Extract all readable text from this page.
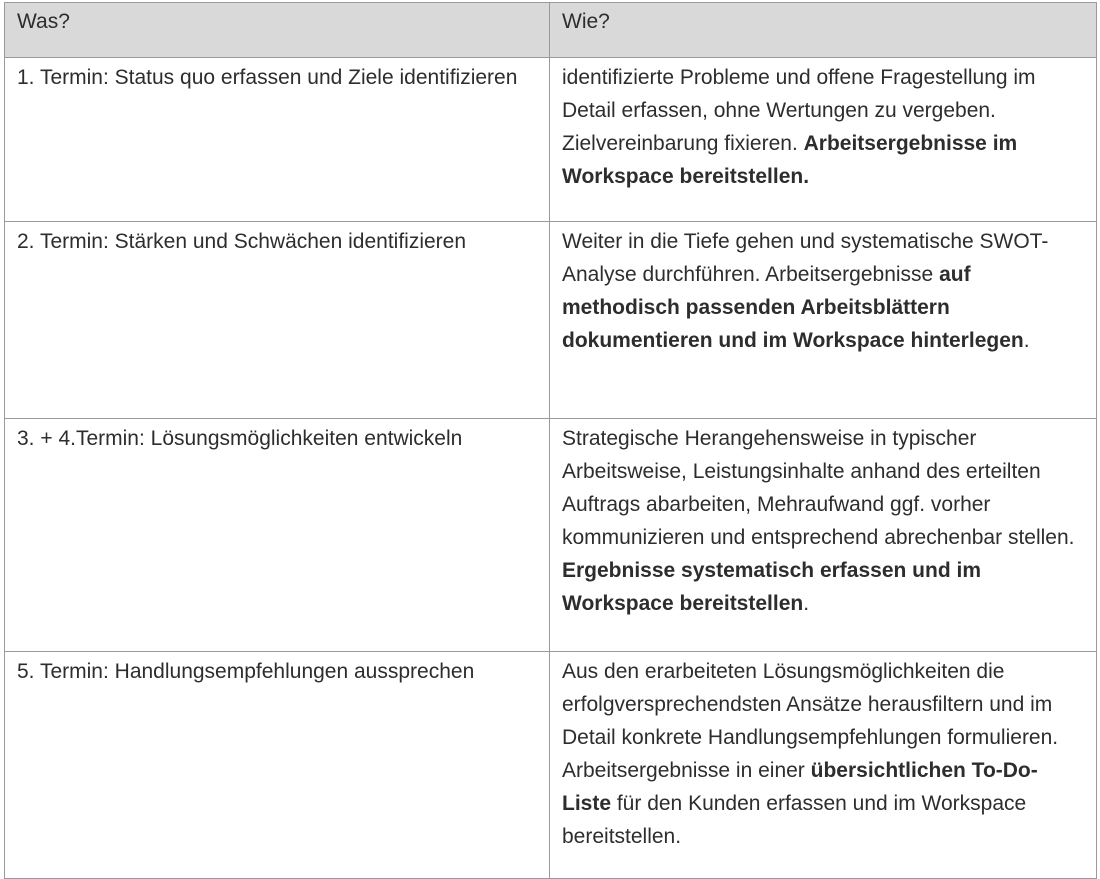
Was?	Wie?
1. Termin: Status quo erfassen und Ziele identifizieren	identifizierte Probleme und offene Fragestellung im Detail erfassen, ohne Wertungen zu vergeben. Zielvereinbarung fixieren. Arbeitsergebnisse im Workspace bereitstellen.
2. Termin: Stärken und Schwächen identifizieren	Weiter in die Tiefe gehen und systematische SWOT-Analyse durchführen. Arbeitsergebnisse auf methodisch passenden Arbeitsblättern dokumentieren und im Workspace hinterlegen.
3. + 4.Termin: Lösungsmöglichkeiten entwickeln	Strategische Herangehensweise in typischer Arbeitsweise, Leistungsinhalte anhand des erteilten Auftrags abarbeiten, Mehraufwand ggf. vorher kommunizieren und entsprechend abrechenbar stellen. Ergebnisse systematisch erfassen und im Workspace bereitstellen.
5. Termin: Handlungsempfehlungen aussprechen	Aus den erarbeiteten Lösungsmöglichkeiten die erfolgversprechendsten Ansätze herausfiltern und im Detail konkrete Handlungsempfehlungen formulieren. Arbeitsergebnisse in einer übersichtlichen To-Do-Liste für den Kunden erfassen und im Workspace bereitstellen.
